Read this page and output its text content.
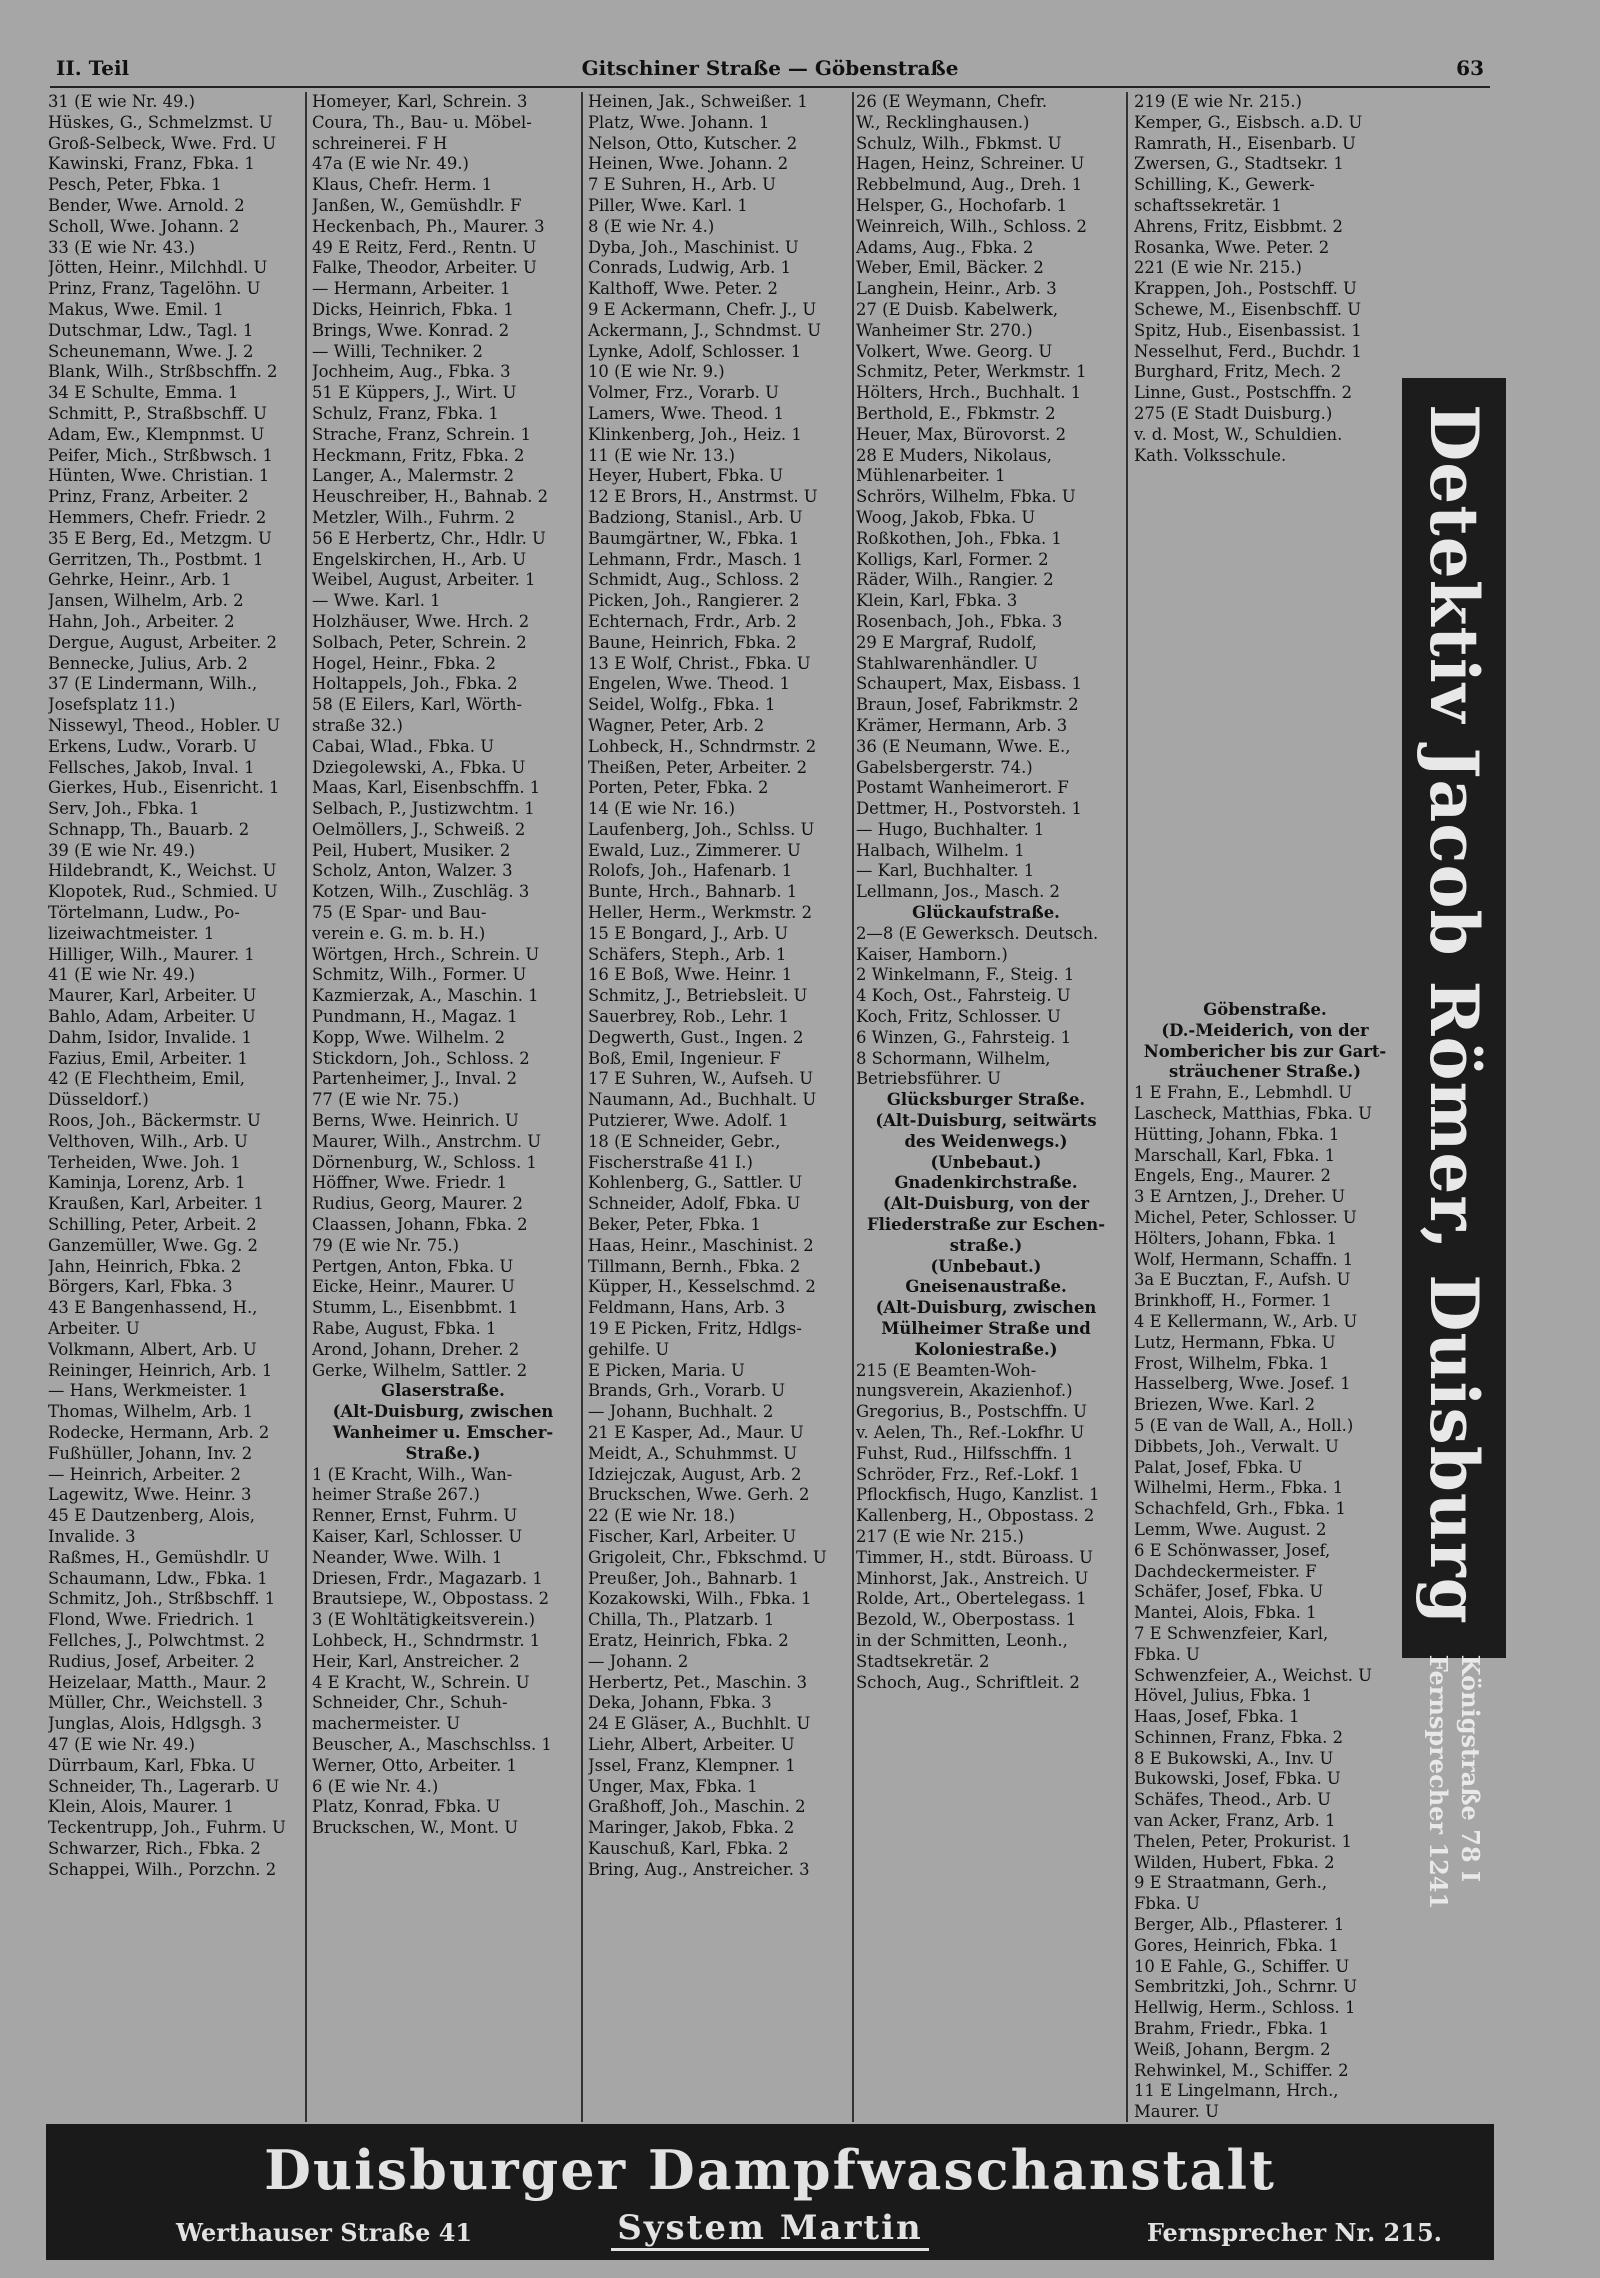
II. Teil	Gitschiner Straße — Göbenstraße	63
31 (E wie Nr. 49.)
Hüskes, G., Schmelzmst. U
Groß-Selbeck, Wwe. Frd. U
Kawinski, Franz, Fbka. 1
Pesch, Peter, Fbka. 1
Bender, Wwe. Arnold. 2
Scholl, Wwe. Johann. 2
33 (E wie Nr. 43.)
Jötten, Heinr., Milchhdl. U
Prinz, Franz, Tagelöhn. U
Makus, Wwe. Emil. 1
Dutschmar, Ldw., Tagl. 1
Scheunemann, Wwe. J. 2
Blank, Wilh., Strßbschffn. 2
34 E Schulte, Emma. 1
Schmitt, P., Straßbschff. U
Adam, Ew., Klempnmst. U
Peifer, Mich., Strßbwsch. 1
Hünten, Wwe. Christian. 1
Prinz, Franz, Arbeiter. 2
Hemmers, Chefr. Friedr. 2
35 E Berg, Ed., Metzgm. U
Gerritzen, Th., Postbmt. 1
Gehrke, Heinr., Arb. 1
Jansen, Wilhelm, Arb. 2
Hahn, Joh., Arbeiter. 2
Dergue, August, Arbeiter. 2
Bennecke, Julius, Arb. 2
37 (E Lindermann, Wilh.,
Josefsplatz 11.)
Nissewyl, Theod., Hobler. U
Erkens, Ludw., Vorarb. U
Fellsches, Jakob, Inval. 1
Gierkes, Hub., Eisenricht. 1
Serv, Joh., Fbka. 1
Schnapp, Th., Bauarb. 2
39 (E wie Nr. 49.)
Hildebrandt, K., Weichst. U
Klopotek, Rud., Schmied. U
Törtelmann, Ludw., Po-
lizeiwachtmeister. 1
Hilliger, Wilh., Maurer. 1
41 (E wie Nr. 49.)
Maurer, Karl, Arbeiter. U
Bahlo, Adam, Arbeiter. U
Dahm, Isidor, Invalide. 1
Fazius, Emil, Arbeiter. 1
42 (E Flechtheim, Emil,
Düsseldorf.)
Roos, Joh., Bäckermstr. U
Velthoven, Wilh., Arb. U
Terheiden, Wwe. Joh. 1
Kaminja, Lorenz, Arb. 1
Kraußen, Karl, Arbeiter. 1
Schilling, Peter, Arbeit. 2
Ganzemüller, Wwe. Gg. 2
Jahn, Heinrich, Fbka. 2
Börgers, Karl, Fbka. 3
43 E Bangenhassend, H.,
Arbeiter. U
Volkmann, Albert, Arb. U
Reininger, Heinrich, Arb. 1
— Hans, Werkmeister. 1
Thomas, Wilhelm, Arb. 1
Rodecke, Hermann, Arb. 2
Fußhüller, Johann, Inv. 2
— Heinrich, Arbeiter. 2
Lagewitz, Wwe. Heinr. 3
45 E Dautzenberg, Alois,
Invalide. 3
Raßmes, H., Gemüshdlr. U
Schaumann, Ldw., Fbka. 1
Schmitz, Joh., Strßbschff. 1
Flond, Wwe. Friedrich. 1
Fellches, J., Polwchtmst. 2
Rudius, Josef, Arbeiter. 2
Heizelaar, Matth., Maur. 2
Müller, Chr., Weichstell. 3
Junglas, Alois, Hdlgsgh. 3
47 (E wie Nr. 49.)
Dürrbaum, Karl, Fbka. U
Schneider, Th., Lagerarb. U
Klein, Alois, Maurer. 1
Teckentrupp, Joh., Fuhrm. U
Schwarzer, Rich., Fbka. 2
Schappei, Wilh., Porzchn. 2
Homeyer, Karl, Schrein. 3
Coura, Th., Bau- u. Möbel-
schreinerei. F H
47a (E wie Nr. 49.)
Klaus, Chefr. Herm. 1
Janßen, W., Gemüshdlr. F
Heckenbach, Ph., Maurer. 3
49 E Reitz, Ferd., Rentn. U
Falke, Theodor, Arbeiter. U
— Hermann, Arbeiter. 1
Dicks, Heinrich, Fbka. 1
Brings, Wwe. Konrad. 2
— Willi, Techniker. 2
Jochheim, Aug., Fbka. 3
51 E Küppers, J., Wirt. U
Schulz, Franz, Fbka. 1
Strache, Franz, Schrein. 1
Heckmann, Fritz, Fbka. 2
Langer, A., Malermstr. 2
Heuschreiber, H., Bahnab. 2
Metzler, Wilh., Fuhrm. 2
56 E Herbertz, Chr., Hdlr. U
Engelskirchen, H., Arb. U
Weibel, August, Arbeiter. 1
— Wwe. Karl. 1
Holzhäuser, Wwe. Hrch. 2
Solbach, Peter, Schrein. 2
Hogel, Heinr., Fbka. 2
Holtappels, Joh., Fbka. 2
58 (E Eilers, Karl, Wörth-
straße 32.)
Cabai, Wlad., Fbka. U
Dziegolewski, A., Fbka. U
Maas, Karl, Eisenbschffn. 1
Selbach, P., Justizwchtm. 1
Oelmöllers, J., Schweiß. 2
Peil, Hubert, Musiker. 2
Scholz, Anton, Walzer. 3
Kotzen, Wilh., Zuschläg. 3
75 (E Spar- und Bau-
verein e. G. m. b. H.)
Wörtgen, Hrch., Schrein. U
Schmitz, Wilh., Former. U
Kazmierzak, A., Maschin. 1
Pundmann, H., Magaz. 1
Kopp, Wwe. Wilhelm. 2
Stickdorn, Joh., Schloss. 2
Partenheimer, J., Inval. 2
77 (E wie Nr. 75.)
Berns, Wwe. Heinrich. U
Maurer, Wilh., Anstrchm. U
Dörnenburg, W., Schloss. 1
Höffner, Wwe. Friedr. 1
Rudius, Georg, Maurer. 2
Claassen, Johann, Fbka. 2
79 (E wie Nr. 75.)
Pertgen, Anton, Fbka. U
Eicke, Heinr., Maurer. U
Stumm, L., Eisenbbmt. 1
Rabe, August, Fbka. 1
Arond, Johann, Dreher. 2
Gerke, Wilhelm, Sattler. 2
Glaserstraße.
(Alt-Duisburg, zwischen
Wanheimer u. Emscher-
Straße.)
1 (E Kracht, Wilh., Wan-
heimer Straße 267.)
Renner, Ernst, Fuhrm. U
Kaiser, Karl, Schlosser. U
Neander, Wwe. Wilh. 1
Driesen, Frdr., Magazarb. 1
Brautsiepe, W., Obpostass. 2
3 (E Wohltätigkeitsverein.)
Lohbeck, H., Schndrmstr. 1
Heir, Karl, Anstreicher. 2
4 E Kracht, W., Schrein. U
Schneider, Chr., Schuh-
machermeister. U
Beuscher, A., Maschschlss. 1
Werner, Otto, Arbeiter. 1
6 (E wie Nr. 4.)
Platz, Konrad, Fbka. U
Bruckschen, W., Mont. U
Heinen, Jak., Schweißer. 1
Platz, Wwe. Johann. 1
Nelson, Otto, Kutscher. 2
Heinen, Wwe. Johann. 2
7 E Suhren, H., Arb. U
Piller, Wwe. Karl. 1
8 (E wie Nr. 4.)
Dyba, Joh., Maschinist. U
Conrads, Ludwig, Arb. 1
Kalthoff, Wwe. Peter. 2
9 E Ackermann, Chefr. J., U
Ackermann, J., Schndmst. U
Lynke, Adolf, Schlosser. 1
10 (E wie Nr. 9.)
Volmer, Frz., Vorarb. U
Lamers, Wwe. Theod. 1
Klinkenberg, Joh., Heiz. 1
11 (E wie Nr. 13.)
Heyer, Hubert, Fbka. U
12 E Brors, H., Anstrmst. U
Badziong, Stanisl., Arb. U
Baumgärtner, W., Fbka. 1
Lehmann, Frdr., Masch. 1
Schmidt, Aug., Schloss. 2
Picken, Joh., Rangierer. 2
Echternach, Frdr., Arb. 2
Baune, Heinrich, Fbka. 2
13 E Wolf, Christ., Fbka. U
Engelen, Wwe. Theod. 1
Seidel, Wolfg., Fbka. 1
Wagner, Peter, Arb. 2
Lohbeck, H., Schndrmstr. 2
Theißen, Peter, Arbeiter. 2
Porten, Peter, Fbka. 2
14 (E wie Nr. 16.)
Laufenberg, Joh., Schlss. U
Ewald, Luz., Zimmerer. U
Rolofs, Joh., Hafenarb. 1
Bunte, Hrch., Bahnarb. 1
Heller, Herm., Werkmstr. 2
15 E Bongard, J., Arb. U
Schäfers, Steph., Arb. 1
16 E Boß, Wwe. Heinr. 1
Schmitz, J., Betriebsleit. U
Sauerbrey, Rob., Lehr. 1
Degwerth, Gust., Ingen. 2
Boß, Emil, Ingenieur. F
17 E Suhren, W., Aufseh. U
Naumann, Ad., Buchhalt. U
Putzierer, Wwe. Adolf. 1
18 (E Schneider, Gebr.,
Fischerstraße 41 I.)
Kohlenberg, G., Sattler. U
Schneider, Adolf, Fbka. U
Beker, Peter, Fbka. 1
Haas, Heinr., Maschinist. 2
Tillmann, Bernh., Fbka. 2
Küpper, H., Kesselschmd. 2
Feldmann, Hans, Arb. 3
19 E Picken, Fritz, Hdlgs-
gehilfe. U
E Picken, Maria. U
Brands, Grh., Vorarb. U
— Johann, Buchhalt. 2
21 E Kasper, Ad., Maur. U
Meidt, A., Schuhmmst. U
Idziejczak, August, Arb. 2
Bruckschen, Wwe. Gerh. 2
22 (E wie Nr. 18.)
Fischer, Karl, Arbeiter. U
Grigoleit, Chr., Fbkschmd. U
Preußer, Joh., Bahnarb. 1
Kozakowski, Wilh., Fbka. 1
Chilla, Th., Platzarb. 1
Eratz, Heinrich, Fbka. 2
— Johann. 2
Herbertz, Pet., Maschin. 3
Deka, Johann, Fbka. 3
24 E Gläser, A., Buchhlt. U
Liehr, Albert, Arbeiter. U
Jssel, Franz, Klempner. 1
Unger, Max, Fbka. 1
Graßhoff, Joh., Maschin. 2
Maringer, Jakob, Fbka. 2
Kauschuß, Karl, Fbka. 2
Bring, Aug., Anstreicher. 3
26 (E Weymann, Chefr.
W., Recklinghausen.)
Schulz, Wilh., Fbkmst. U
Hagen, Heinz, Schreiner. U
Rebbelmund, Aug., Dreh. 1
Helsper, G., Hochofarb. 1
Weinreich, Wilh., Schloss. 2
Adams, Aug., Fbka. 2
Weber, Emil, Bäcker. 2
Langhein, Heinr., Arb. 3
27 (E Duisb. Kabelwerk,
Wanheimer Str. 270.)
Volkert, Wwe. Georg. U
Schmitz, Peter, Werkmstr. 1
Hölters, Hrch., Buchhalt. 1
Berthold, E., Fbkmstr. 2
Heuer, Max, Bürovorst. 2
28 E Muders, Nikolaus,
Mühlenarbeiter. 1
Schrörs, Wilhelm, Fbka. U
Woog, Jakob, Fbka. U
Roßkothen, Joh., Fbka. 1
Kolligs, Karl, Former. 2
Räder, Wilh., Rangier. 2
Klein, Karl, Fbka. 3
Rosenbach, Joh., Fbka. 3
29 E Margraf, Rudolf,
Stahlwarenhändler. U
Schaupert, Max, Eisbass. 1
Braun, Josef, Fabrikmstr. 2
Krämer, Hermann, Arb. 3
36 (E Neumann, Wwe. E.,
Gabelsbergerstr. 74.)
Postamt Wanheimerort. F
Dettmer, H., Postvorsteh. 1
— Hugo, Buchhalter. 1
Halbach, Wilhelm. 1
— Karl, Buchhalter. 1
Lellmann, Jos., Masch. 2
Glückaufstraße.
2—8 (E Gewerksch. Deutsch.
Kaiser, Hamborn.)
2 Winkelmann, F., Steig. 1
4 Koch, Ost., Fahrsteig. U
Koch, Fritz, Schlosser. U
6 Winzen, G., Fahrsteig. 1
8 Schormann, Wilhelm,
Betriebsführer. U
Glücksburger Straße.
(Alt-Duisburg, seitwärts
des Weidenwegs.)
(Unbebaut.)
Gnadenkirchstraße.
(Alt-Duisburg, von der
Fliederstraße zur Eschen-
straße.)
(Unbebaut.)
Gneisenaustraße.
(Alt-Duisburg, zwischen
Mülheimer Straße und
Koloniestraße.)
215 (E Beamten-Woh-
nungsverein, Akazienhof.)
Gregorius, B., Postschffn. U
v. Aelen, Th., Ref.-Lokfhr. U
Fuhst, Rud., Hilfsschffn. 1
Schröder, Frz., Ref.-Lokf. 1
Pflockfisch, Hugo, Kanzlist. 1
Kallenberg, H., Obpostass. 2
217 (E wie Nr. 215.)
Timmer, H., stdt. Büroass. U
Minhorst, Jak., Anstreich. U
Rolde, Art., Obertelegass. 1
Bezold, W., Oberpostass. 1
in der Schmitten, Leonh.,
Stadtsekretär. 2
Schoch, Aug., Schriftleit. 2
219 (E wie Nr. 215.)
Kemper, G., Eisbsch. a.D. U
Ramrath, H., Eisenbarb. U
Zwersen, G., Stadtsekr. 1
Schilling, K., Gewerk-
schaftssekretär. 1
Ahrens, Fritz, Eisbbmt. 2
Rosanka, Wwe. Peter. 2
221 (E wie Nr. 215.)
Krappen, Joh., Postschff. U
Schewe, M., Eisenbschff. U
Spitz, Hub., Eisenbassist. 1
Nesselhut, Ferd., Buchdr. 1
Burghard, Fritz, Mech. 2
Linne, Gust., Postschffn. 2
275 (E Stadt Duisburg.)
v. d. Most, W., Schuldien.
Kath. Volksschule.
Göbenstraße.
(D.-Meiderich, von der
Nombericher bis zur Gart-
sträuchener Straße.)
1 E Frahn, E., Lebmhdl. U
Lascheck, Matthias, Fbka. U
Hütting, Johann, Fbka. 1
Marschall, Karl, Fbka. 1
Engels, Eng., Maurer. 2
3 E Arntzen, J., Dreher. U
Michel, Peter, Schlosser. U
Hölters, Johann, Fbka. 1
Wolf, Hermann, Schaffn. 1
3a E Bucztan, F., Aufsh. U
Brinkhoff, H., Former. 1
4 E Kellermann, W., Arb. U
Lutz, Hermann, Fbka. U
Frost, Wilhelm, Fbka. 1
Hasselberg, Wwe. Josef. 1
Briezen, Wwe. Karl. 2
5 (E van de Wall, A., Holl.)
Dibbets, Joh., Verwalt. U
Palat, Josef, Fbka. U
Wilhelmi, Herm., Fbka. 1
Schachfeld, Grh., Fbka. 1
Lemm, Wwe. August. 2
6 E Schönwasser, Josef,
Dachdeckermeister. F
Schäfer, Josef, Fbka. U
Mantei, Alois, Fbka. 1
7 E Schwenzfeier, Karl,
Fbka. U
Schwenzfeier, A., Weichst. U
Hövel, Julius, Fbka. 1
Haas, Josef, Fbka. 1
Schinnen, Franz, Fbka. 2
8 E Bukowski, A., Inv. U
Bukowski, Josef, Fbka. U
Schäfes, Theod., Arb. U
van Acker, Franz, Arb. 1
Thelen, Peter, Prokurist. 1
Wilden, Hubert, Fbka. 2
9 E Straatmann, Gerh.,
Fbka. U
Berger, Alb., Pflasterer. 1
Gores, Heinrich, Fbka. 1
10 E Fahle, G., Schiffer. U
Sembritzki, Joh., Schrnr. U
Hellwig, Herm., Schloss. 1
Brahm, Friedr., Fbka. 1
Weiß, Johann, Bergm. 2
Rehwinkel, M., Schiffer. 2
11 E Lingelmann, Hrch.,
Maurer. U
Detektiv Jacob Römer, Duisburg
Königstraße 78 I
Fernsprecher 1241
Duisburger Dampfwaschanstalt
Werthauser Straße 41	System Martin	Fernsprecher Nr. 215.
